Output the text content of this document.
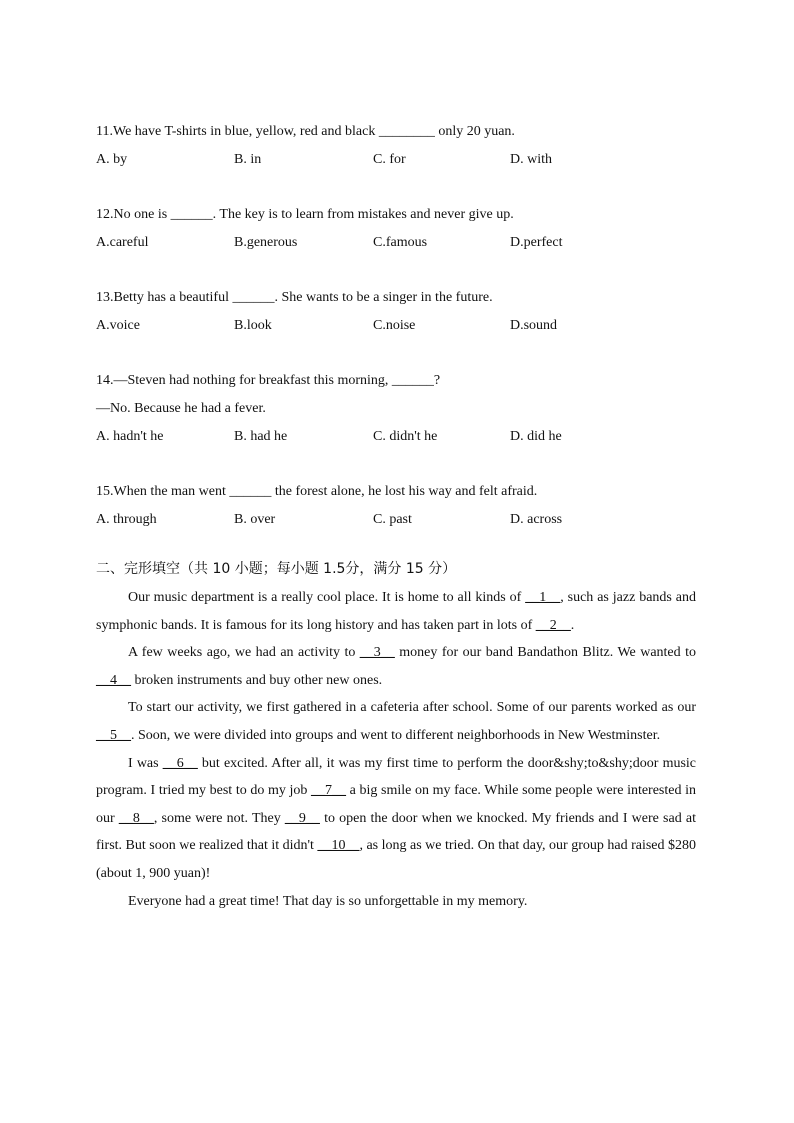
11.We have T-shirts in blue, yellow, red and black ________ only 20 yuan.
A. by	B. in	C. for	D. with
12.No one is ______. The key is to learn from mistakes and never give up.
A.careful	B.generous	C.famous	D.perfect
13.Betty has a beautiful ______. She wants to be a singer in the future.
A.voice	B.look	C.noise	D.sound
14.—Steven had nothing for breakfast this morning, ______?
—No. Because he had a fever.
A. hadn't he	B. had he	C. didn't he	D. did he
15.When the man went ______ the forest alone, he lost his way and felt afraid.
A. through	B. over	C. past	D. across
二、完形填空（共 10 小题；每小题 1.5分，满分 15 分）

Our music department is a really cool place. It is home to all kinds of __1__, such as jazz bands and symphonic bands. It is famous for its long history and has taken part in lots of __2__.

A few weeks ago, we had an activity to __3__ money for our band Bandathon Blitz. We wanted to __4__ broken instruments and buy other new ones.

To start our activity, we first gathered in a cafeteria after school. Some of our parents worked as our __5__. Soon, we were divided into groups and went to different neighborhoods in New Westminster.

I was __6__ but excited. After all, it was my first time to perform the door&shy;to&shy;door music program. I tried my best to do my job __7__ a big smile on my face. While some people were interested in our __8__, some were not. They __9__ to open the door when we knocked. My friends and I were sad at first. But soon we realized that it didn't __10__, as long as we tried. On that day, our group had raised $280 (about 1, 900 yuan)!

Everyone had a great time! That day is so unforgettable in my memory.
